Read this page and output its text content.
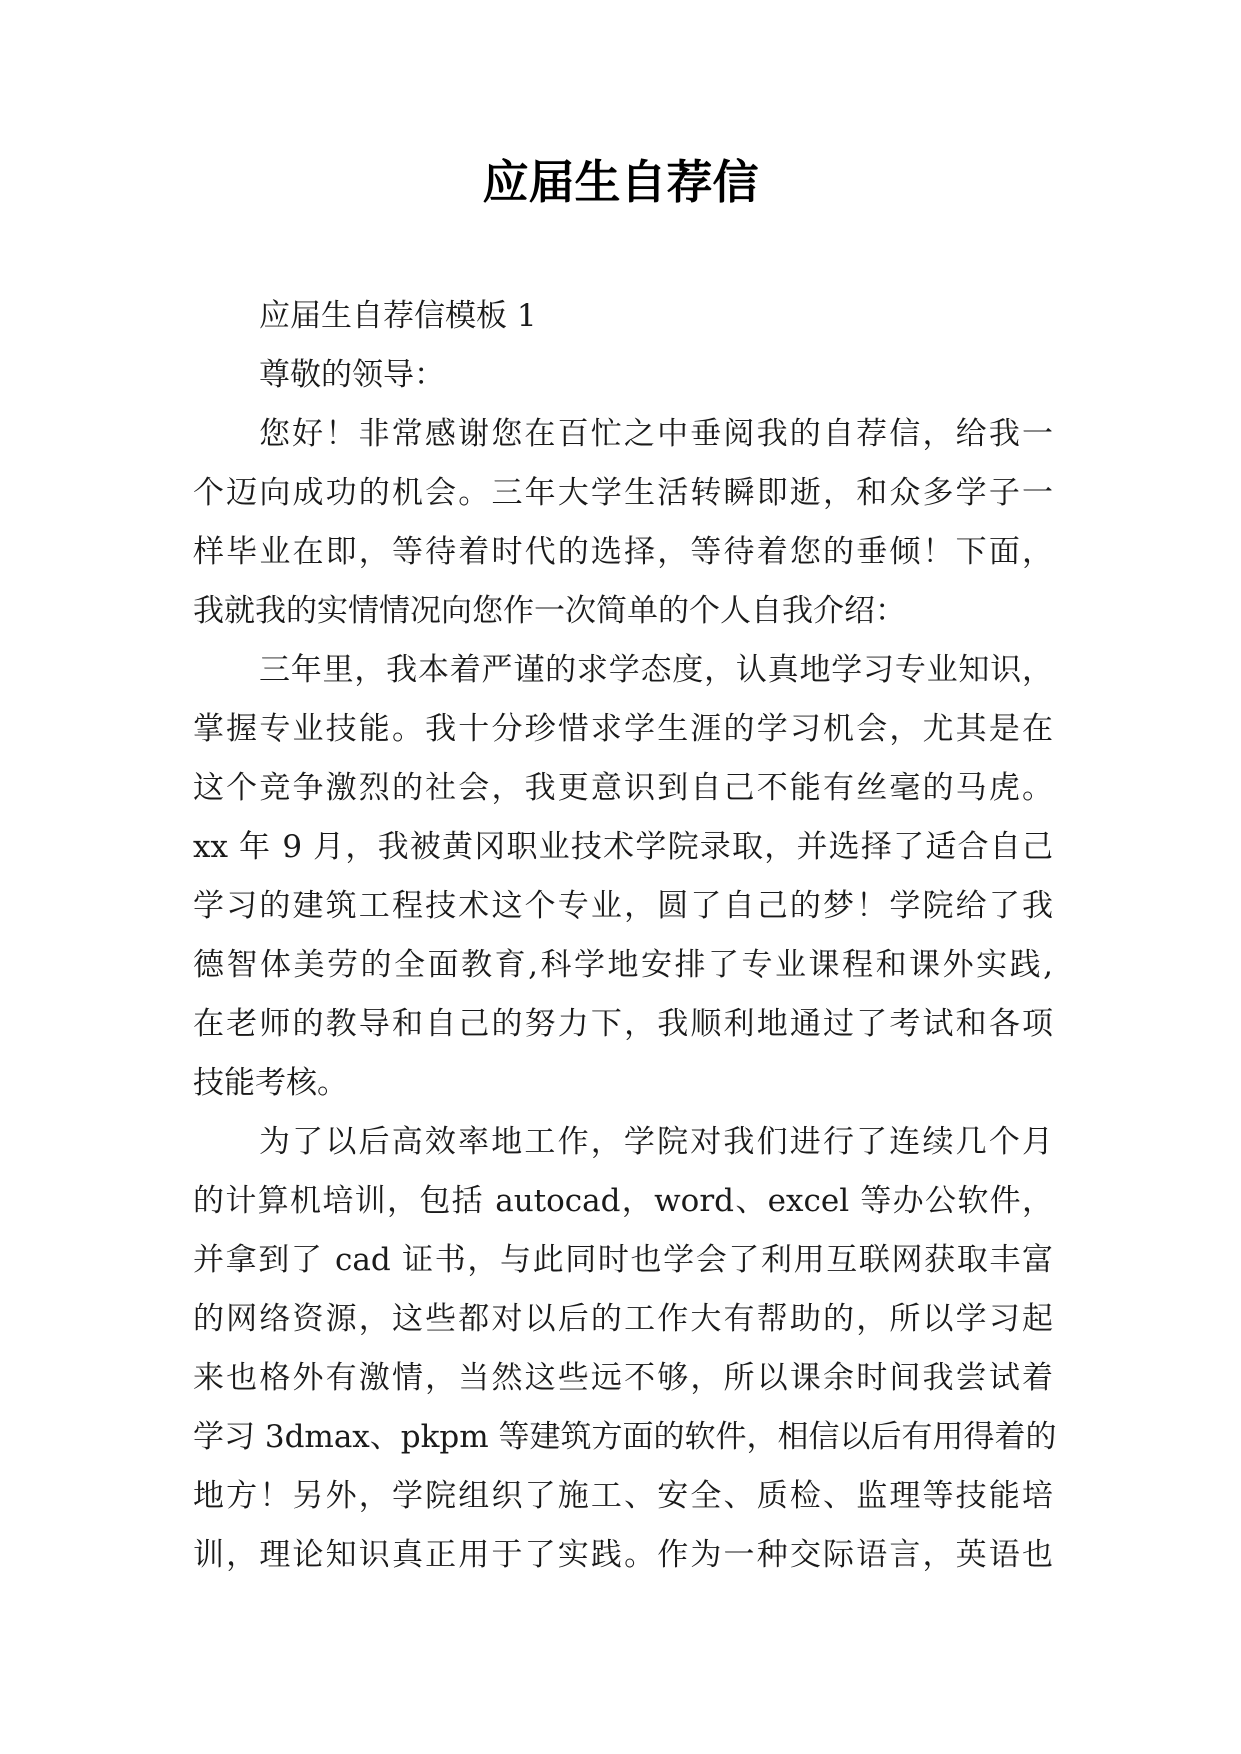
应届生自荐信
应届生自荐信模板 1
尊敬的领导：
您好！非常感谢您在百忙之中垂阅我的自荐信，给我一
个迈向成功的机会。三年大学生活转瞬即逝，和众多学子一
样毕业在即，等待着时代的选择，等待着您的垂倾！下面，
我就我的实情情况向您作一次简单的个人自我介绍：
三年里，我本着严谨的求学态度，认真地学习专业知识，
掌握专业技能。我十分珍惜求学生涯的学习机会，尤其是在
这个竞争激烈的社会，我更意识到自己不能有丝毫的马虎。
xx 年 9 月，我被黄冈职业技术学院录取，并选择了适合自己
学习的建筑工程技术这个专业，圆了自己的梦！学院给了我
德智体美劳的全面教育,科学地安排了专业课程和课外实践,
在老师的教导和自己的努力下，我顺利地通过了考试和各项
技能考核。
为了以后高效率地工作，学院对我们进行了连续几个月
的计算机培训，包括 autocad，word、excel 等办公软件，
并拿到了 cad 证书，与此同时也学会了利用互联网获取丰富
的网络资源，这些都对以后的工作大有帮助的，所以学习起
来也格外有激情，当然这些远不够，所以课余时间我尝试着
学习 3dmax、pkpm 等建筑方面的软件，相信以后有用得着的
地方！另外，学院组织了施工、安全、质检、监理等技能培
训，理论知识真正用于了实践。作为一种交际语言，英语也
